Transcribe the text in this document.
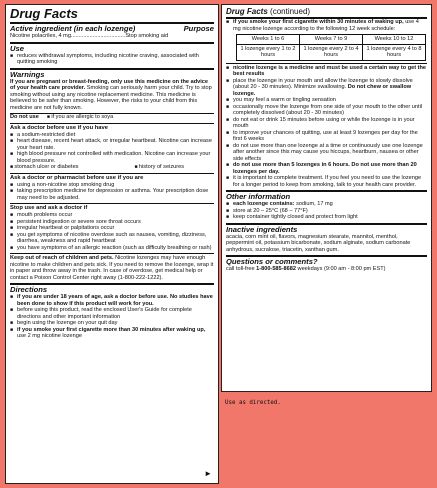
Drug Facts
Active ingredient (in each lozenge)	Purpose
Nicotine polacrilex, 4 mg...................................Stop smoking aid
Use
■ reduces withdrawal symptoms, including nicotine craving, associated with quitting smoking
Warnings
If you are pregnant or breast-feeding, only use this medicine on the advice of your health care provider. Smoking can seriously harm your child. Try to stop smoking without using any nicotine replacement medicine. This medicine is believed to be safer than smoking. However, the risks to your child from this medicine are not fully known.
Do not use	■ if you are allergic to soya
Ask a doctor before use if you have
■ a sodium-restricted diet
■ heart disease, recent heart attack, or irregular heartbeat. Nicotine can increase your heart rate.
■ high blood pressure not controlled with medication. Nicotine can increase your blood pressure.
■ stomach ulcer or diabetes	■ history of seizures
Ask a doctor or pharmacist before use if you are
■ using a non-nicotine stop smoking drug
■ taking prescription medicine for depression or asthma. Your prescription dose may need to be adjusted.
Stop use and ask a doctor if
■ mouth problems occur
■ persistent indigestion or severe sore throat occurs
■ irregular heartbeat or palpitations occur
■ you get symptoms of nicotine overdose such as nausea, vomiting, dizziness, diarrhea, weakness and rapid heartbeat
■ you have symptoms of an allergic reaction (such as difficulty breathing or rash)
Keep out of reach of children and pets. Nicotine lozenges may have enough nicotine to make children and pets sick. If you need to remove the lozenge, wrap it in paper and throw away in the trash. In case of overdose, get medical help or contact a Poison Control Center right away (1-800-222-1222).
Directions
■ if you are under 18 years of age, ask a doctor before use. No studies have been done to show if this product will work for you.
■ before using this product, read the enclosed User's Guide for complete directions and other important information
■ begin using the lozenge on your quit day
■ if you smoke your first cigarette more than 30 minutes after waking up, use 2 mg nicotine lozenge
►
Drug Facts (continued)
■ if you smoke your first cigarette within 30 minutes of waking up, use 4 mg nicotine lozenge according to the following 12 week schedule:
Weeks 1 to 6	Weeks 7 to 9	Weeks 10 to 12
1 lozenge every 1 to 2 hours	1 lozenge every 2 to 4 hours	1 lozenge every 4 to 8 hours
■ nicotine lozenge is a medicine and must be used a certain way to get the best results
■ place the lozenge in your mouth and allow the lozenge to slowly dissolve (about 20 - 30 minutes). Minimize swallowing. Do not chew or swallow lozenge.
■ you may feel a warm or tingling sensation
■ occasionally move the lozenge from one side of your mouth to the other until completely dissolved (about 20 - 30 minutes)
■ do not eat or drink 15 minutes before using or while the lozenge is in your mouth
■ to improve your chances of quitting, use at least 9 lozenges per day for the first 6 weeks
■ do not use more than one lozenge at a time or continuously use one lozenge after another since this may cause you hiccups, heartburn, nausea or other side effects
■ do not use more than 5 lozenges in 6 hours. Do not use more than 20 lozenges per day.
■ it is important to complete treatment. If you feel you need to use the lozenge for a longer period to keep from smoking, talk to your health care provider.
Other information
■ each lozenge contains: sodium, 17 mg
■ store at 20 – 25°C (68 – 77°F)
■ keep container tightly closed and protect from light
Inactive ingredients
acacia, corn mint oil, flavors, magnesium stearate, mannitol, menthol, peppermint oil, potassium bicarbonate, sodium alginate, sodium carbonate anhydrous, sucralose, triacetin, xanthan gum.
Questions or comments?
call toll-free 1-800-585-8682 weekdays (9:00 am - 8:00 pm EST)
Use as directed.
